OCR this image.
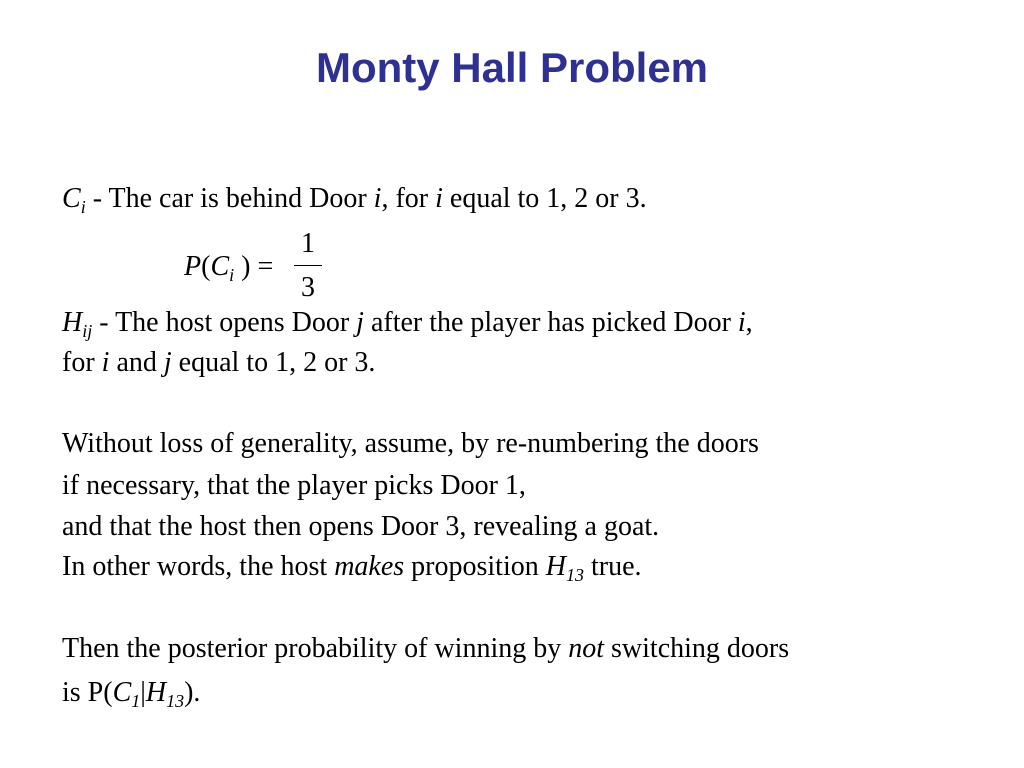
Monty Hall Problem
$C_i$ - The car is behind Door i, for i equal to 1, 2 or 3.
$P(C_i$ ) =
1
3
$H_{ij}$ - The host opens Door j after the player has picked Door i,
for i and j equal to 1, 2 or 3.
Without loss of generality, assume, by re-numbering the doors
if necessary, that the player picks Door 1,
and that the host then opens Door 3, revealing a goat.
In other words, the host makes proposition $H_{13}$ true.
Then the posterior probability of winning by not switching doors
is $P(C_1|H_{13})$.
